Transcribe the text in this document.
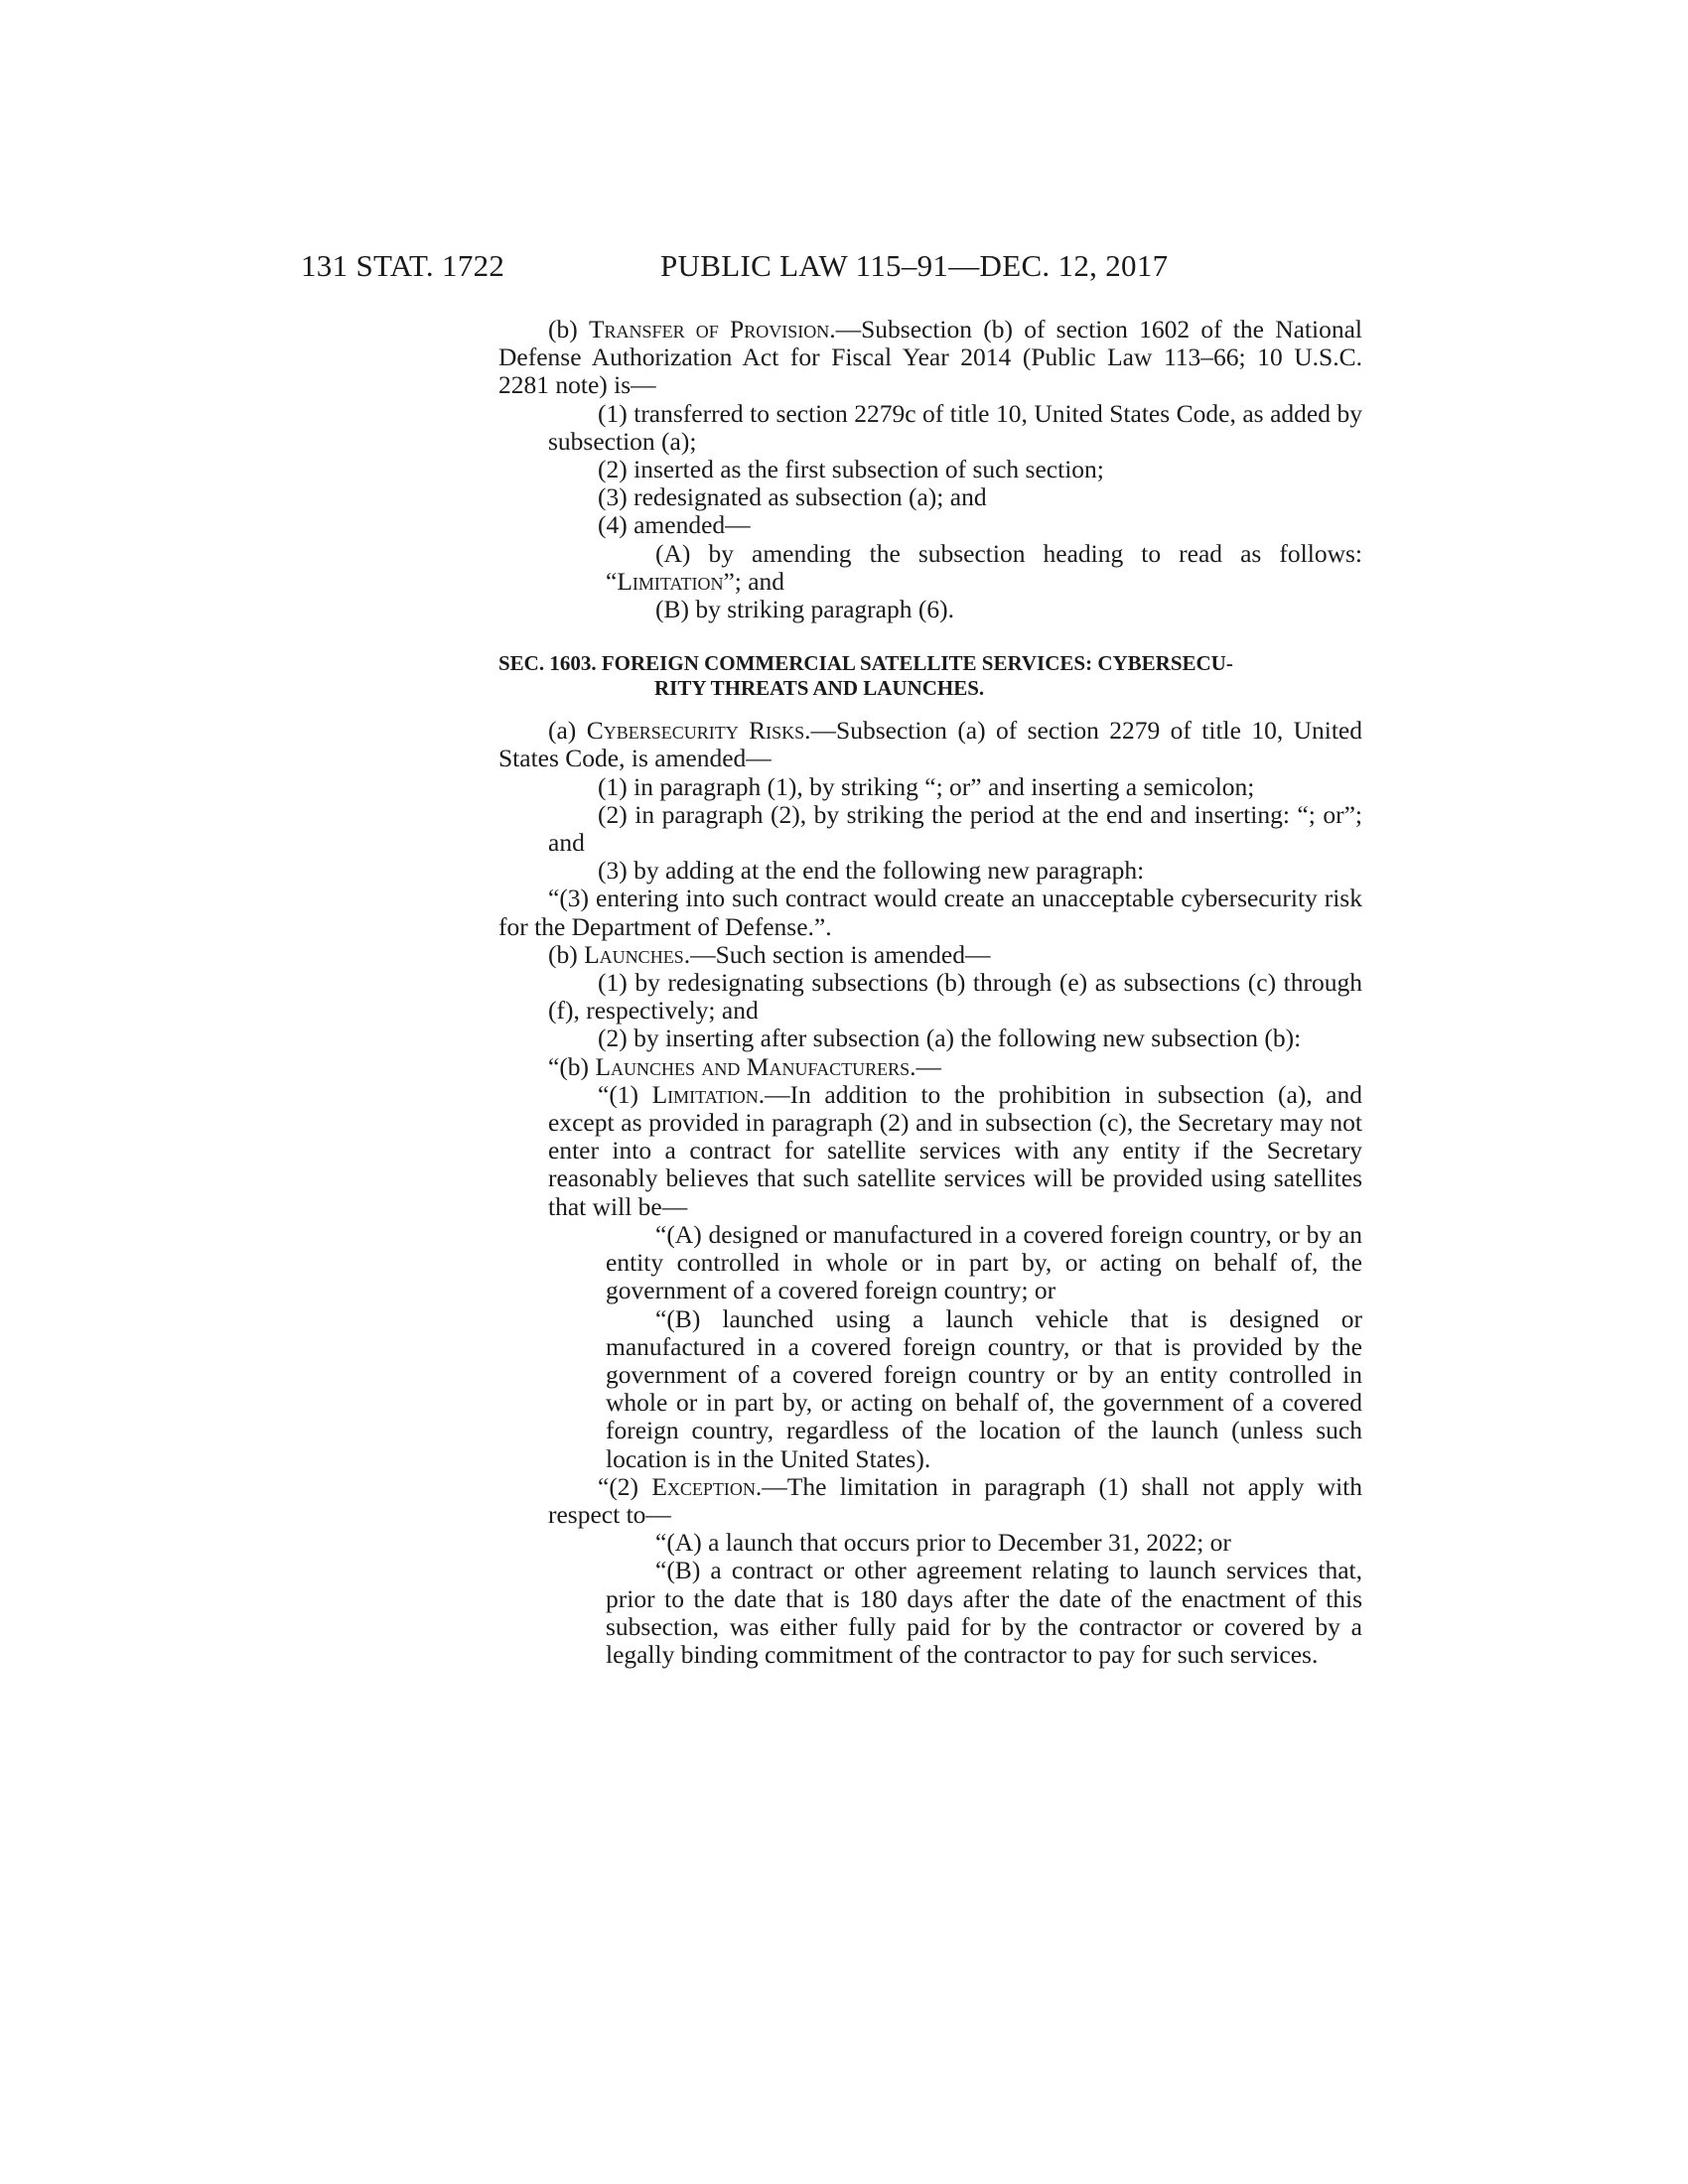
131 STAT. 1722	PUBLIC LAW 115–91—DEC. 12, 2017

(b) Transfer of Provision.—Subsection (b) of section 1602 of the National Defense Authorization Act for Fiscal Year 2014 (Public Law 113–66; 10 U.S.C. 2281 note) is—

(1) transferred to section 2279c of title 10, United States Code, as added by subsection (a);

(2) inserted as the first subsection of such section;

(3) redesignated as subsection (a); and

(4) amended—

(A) by amending the subsection heading to read as follows: “Limitation”; and

(B) by striking paragraph (6).

SEC. 1603. FOREIGN COMMERCIAL SATELLITE SERVICES: CYBERSECU-
RITY THREATS AND LAUNCHES.

(a) Cybersecurity Risks.—Subsection (a) of section 2279 of title 10, United States Code, is amended—

(1) in paragraph (1), by striking “; or” and inserting a semicolon;

(2) in paragraph (2), by striking the period at the end and inserting: “; or”; and

(3) by adding at the end the following new paragraph:

“(3) entering into such contract would create an unacceptable cybersecurity risk for the Department of Defense.”.

(b) Launches.—Such section is amended—

(1) by redesignating subsections (b) through (e) as subsections (c) through (f), respectively; and

(2) by inserting after subsection (a) the following new subsection (b):

“(b) Launches and Manufacturers.—

“(1) Limitation.—In addition to the prohibition in subsection (a), and except as provided in paragraph (2) and in subsection (c), the Secretary may not enter into a contract for satellite services with any entity if the Secretary reasonably believes that such satellite services will be provided using satellites that will be—

“(A) designed or manufactured in a covered foreign country, or by an entity controlled in whole or in part by, or acting on behalf of, the government of a covered foreign country; or

“(B) launched using a launch vehicle that is designed or manufactured in a covered foreign country, or that is provided by the government of a covered foreign country or by an entity controlled in whole or in part by, or acting on behalf of, the government of a covered foreign country, regardless of the location of the launch (unless such location is in the United States).

“(2) Exception.—The limitation in paragraph (1) shall not apply with respect to—

“(A) a launch that occurs prior to December 31, 2022; or

“(B) a contract or other agreement relating to launch services that, prior to the date that is 180 days after the date of the enactment of this subsection, was either fully paid for by the contractor or covered by a legally binding commitment of the contractor to pay for such services.
